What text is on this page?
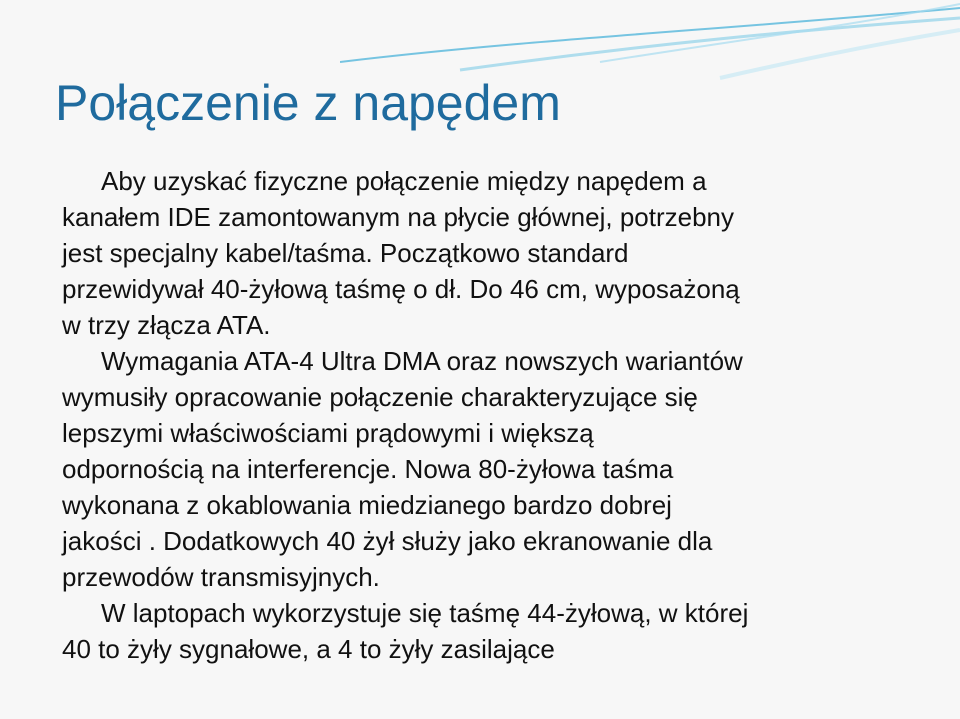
Połączenie z napędem

Aby uzyskać fizyczne połączenie między napędem a
kanałem IDE zamontowanym na płycie głównej, potrzebny
jest specjalny kabel/taśma. Początkowo standard
przewidywał 40-żyłową taśmę o dł. Do 46 cm, wyposażoną
w trzy złącza ATA.

Wymagania ATA-4 Ultra DMA oraz nowszych wariantów
wymusiły opracowanie połączenie charakteryzujące się
lepszymi właściwościami prądowymi i większą
odpornością na interferencje. Nowa 80-żyłowa taśma
wykonana z okablowania miedzianego bardzo dobrej
jakości . Dodatkowych 40 żył służy jako ekranowanie dla
przewodów transmisyjnych.

W laptopach wykorzystuje się taśmę 44-żyłową, w której
40 to żyły sygnałowe, a 4 to żyły zasilające
